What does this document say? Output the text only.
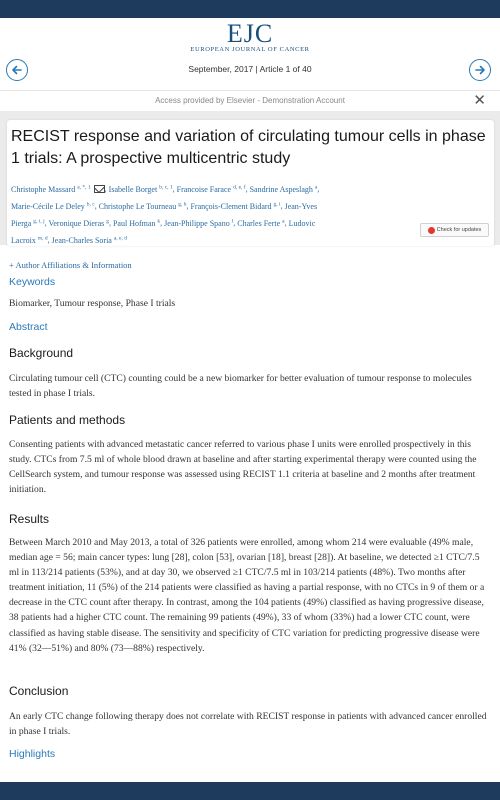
EJC
EUROPEAN JOURNAL OF CANCER
September, 2017 | Article 1 of 40
Access provided by Elsevier - Demonstration Account	✕
RECIST response and variation of circulating tumour cells in phase 1 trials: A prospective multicentric study
Christophe Massard $^{a, *, 1}$ , Isabelle Borget $^{b, c, 1}$, Francoise Farace $^{d, e, f}$, Sandrine Aspeslagh $^a$, Marie-Cécile Le Deley $^{b, c}$, Christophe Le Tourneau $^{g, h}$, François-Clement Bidard $^{g, i}$, Jean-Yves Pierga $^{g, i, j}$, Veronique Dieras $^g$, Paul Hofman $^k$, Jean-Philippe Spano $^l$, Charles Ferte $^a$, Ludovic Lacroix $^{m, d}$, Jean-Charles Soria $^{a, e, d}$
Check for updates
+ Author Affiliations & Information
Keywords
Biomarker, Tumour response, Phase I trials
Abstract
Background
Circulating tumour cell (CTC) counting could be a new biomarker for better evaluation of tumour response to molecules tested in phase I trials.
Patients and methods
Consenting patients with advanced metastatic cancer referred to various phase I units were enrolled prospectively in this study. CTCs from 7.5 ml of whole blood drawn at baseline and after starting experimental therapy were counted using the CellSearch system, and tumour response was assessed using RECIST 1.1 criteria at baseline and 2 months after treatment initiation.
Results
Between March 2010 and May 2013, a total of 326 patients were enrolled, among whom 214 were evaluable (49% male, median age = 56; main cancer types: lung [28], colon [53], ovarian [18], breast [28]). At baseline, we detected ≥1 CTC/7.5 ml in 113/214 patients (53%), and at day 30, we observed ≥1 CTC/7.5 ml in 103/214 patients (48%). Two months after treatment initiation, 11 (5%) of the 214 patients were classified as having a partial response, with no CTCs in 9 of them or a decrease in the CTC count after therapy. In contrast, among the 104 patients (49%) classified as having progressive disease, 38 patients had a higher CTC count. The remaining 99 patients (49%), 33 of whom (33%) had a lower CTC count, were classified as having stable disease. The sensitivity and specificity of CTC variation for predicting progressive disease were 41% (32—51%) and 80% (73—88%) respectively.
Conclusion
An early CTC change following therapy does not correlate with RECIST response in patients with advanced cancer enrolled in phase I trials.
Highlights
